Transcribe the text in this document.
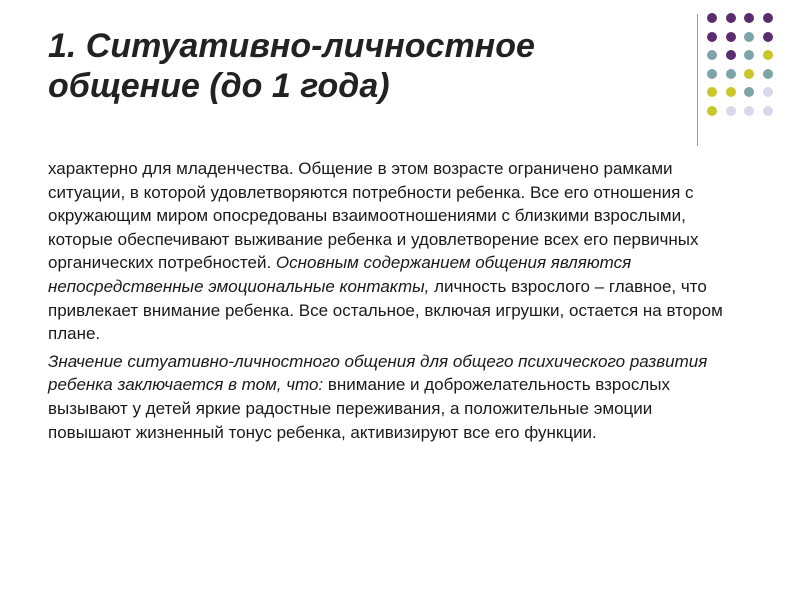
1. Ситуативно-личностное общение (до 1 года)

характерно для младенчества. Общение в этом возрасте ограничено рамками ситуации, в которой удовлетворяются потребности ребенка. Все его отношения с окружающим миром опосредованы взаимоотношениями с близкими взрослыми, которые обеспечивают выживание ребенка и удовлетворение всех его первичных органических потребностей. Основным содержанием общения являются непосредственные эмоциональные контакты, личность взрослого – главное, что привлекает внимание ребенка. Все остальное, включая игрушки, остается на втором плане.

Значение ситуативно-личностного общения для общего психического развития ребенка заключается в том, что: внимание и доброжелательность взрослых вызывают у детей яркие радостные переживания, а положительные эмоции повышают жизненный тонус ребенка, активизируют все его функции.
